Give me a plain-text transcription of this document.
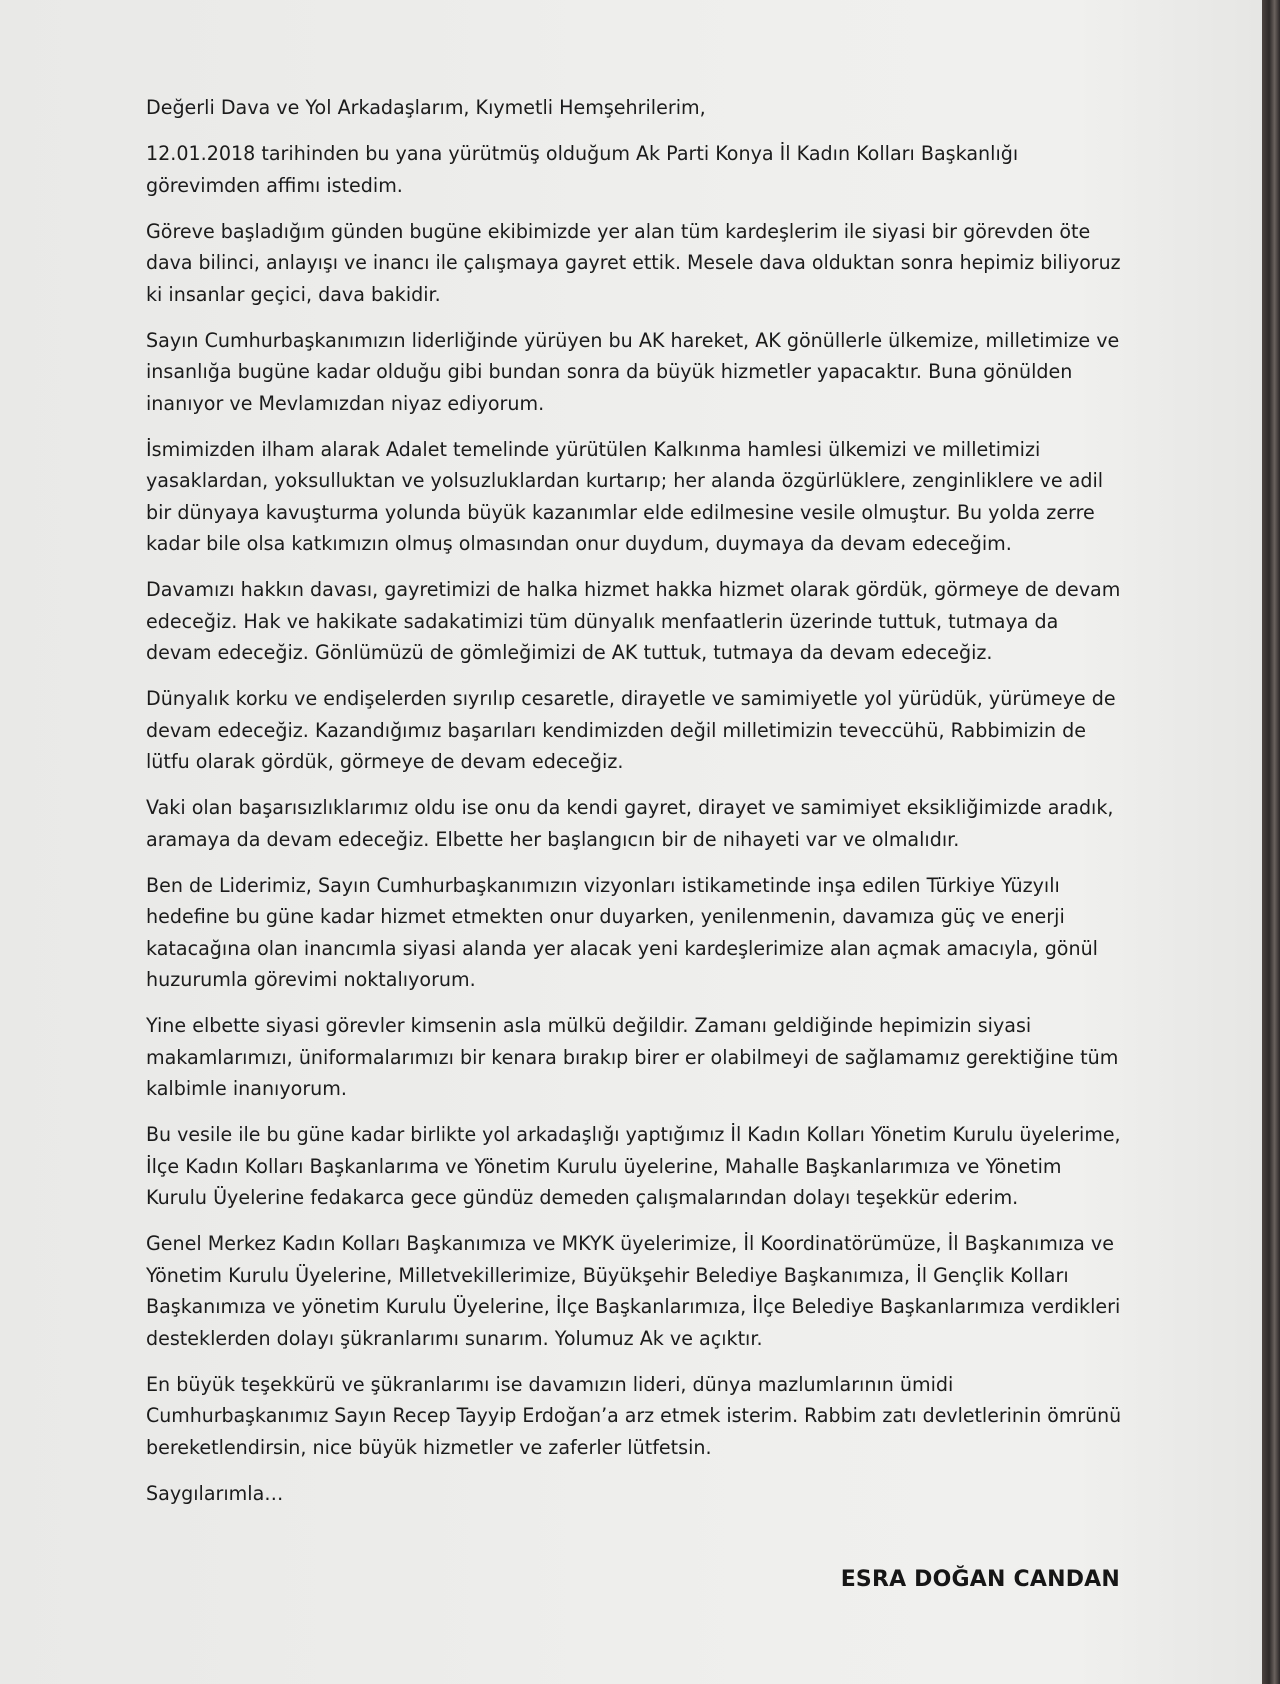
Değerli Dava ve Yol Arkadaşlarım, Kıymetli Hemşehrilerim,
12.01.2018 tarihinden bu yana yürütmüş olduğum Ak Parti Konya İl Kadın Kolları Başkanlığı
görevimden affimı istedim.
Göreve başladığım günden bugüne ekibimizde yer alan tüm kardeşlerim ile siyasi bir görevden öte
dava bilinci, anlayışı ve inancı ile çalışmaya gayret ettik. Mesele dava olduktan sonra hepimiz biliyoruz
ki insanlar geçici, dava bakidir.
Sayın Cumhurbaşkanımızın liderliğinde yürüyen bu AK hareket, AK gönüllerle ülkemize, milletimize ve
insanlığa bugüne kadar olduğu gibi bundan sonra da büyük hizmetler yapacaktır. Buna gönülden
inanıyor ve Mevlamızdan niyaz ediyorum.
İsmimizden ilham alarak Adalet temelinde yürütülen Kalkınma hamlesi ülkemizi ve milletimizi
yasaklardan, yoksulluktan ve yolsuzluklardan kurtarıp; her alanda özgürlüklere, zenginliklere ve adil
bir dünyaya kavuşturma yolunda büyük kazanımlar elde edilmesine vesile olmuştur. Bu yolda zerre
kadar bile olsa katkımızın olmuş olmasından onur duydum, duymaya da devam edeceğim.
Davamızı hakkın davası, gayretimizi de halka hizmet hakka hizmet olarak gördük, görmeye de devam
edeceğiz. Hak ve hakikate sadakatimizi tüm dünyalık menfaatlerin üzerinde tuttuk, tutmaya da
devam edeceğiz. Gönlümüzü de gömleğimizi de AK tuttuk, tutmaya da devam edeceğiz.
Dünyalık korku ve endişelerden sıyrılıp cesaretle, dirayetle ve samimiyetle yol yürüdük, yürümeye de
devam edeceğiz. Kazandığımız başarıları kendimizden değil milletimizin teveccühü, Rabbimizin de
lütfu olarak gördük, görmeye de devam edeceğiz.
Vaki olan başarısızlıklarımız oldu ise onu da kendi gayret, dirayet ve samimiyet eksikliğimizde aradık,
aramaya da devam edeceğiz. Elbette her başlangıcın bir de nihayeti var ve olmalıdır.
Ben de Liderimiz, Sayın Cumhurbaşkanımızın vizyonları istikametinde inşa edilen Türkiye Yüzyılı
hedefine bu güne kadar hizmet etmekten onur duyarken, yenilenmenin, davamıza güç ve enerji
katacağına olan inancımla siyasi alanda yer alacak yeni kardeşlerimize alan açmak amacıyla, gönül
huzurumla görevimi noktalıyorum.
Yine elbette siyasi görevler kimsenin asla mülkü değildir. Zamanı geldiğinde hepimizin siyasi
makamlarımızı, üniformalarımızı bir kenara bırakıp birer er olabilmeyi de sağlamamız gerektiğine tüm
kalbimle inanıyorum.
Bu vesile ile bu güne kadar birlikte yol arkadaşlığı yaptığımız İl Kadın Kolları Yönetim Kurulu üyelerime,
İlçe Kadın Kolları Başkanlarıma ve Yönetim Kurulu üyelerine, Mahalle Başkanlarımıza ve Yönetim
Kurulu Üyelerine fedakarca gece gündüz demeden çalışmalarından dolayı teşekkür ederim.
Genel Merkez Kadın Kolları Başkanımıza ve MKYK üyelerimize, İl Koordinatörümüze, İl Başkanımıza ve
Yönetim Kurulu Üyelerine, Milletvekillerimize, Büyükşehir Belediye Başkanımıza, İl Gençlik Kolları
Başkanımıza ve yönetim Kurulu Üyelerine, İlçe Başkanlarımıza, İlçe Belediye Başkanlarımıza verdikleri
desteklerden dolayı şükranlarımı sunarım. Yolumuz Ak ve açıktır.
En büyük teşekkürü ve şükranlarımı ise davamızın lideri, dünya mazlumlarının ümidi
Cumhurbaşkanımız Sayın Recep Tayyip Erdoğan’a arz etmek isterim. Rabbim zatı devletlerinin ömrünü
bereketlendirsin, nice büyük hizmetler ve zaferler lütfetsin.
Saygılarımla…
ESRA DOĞAN CANDAN
